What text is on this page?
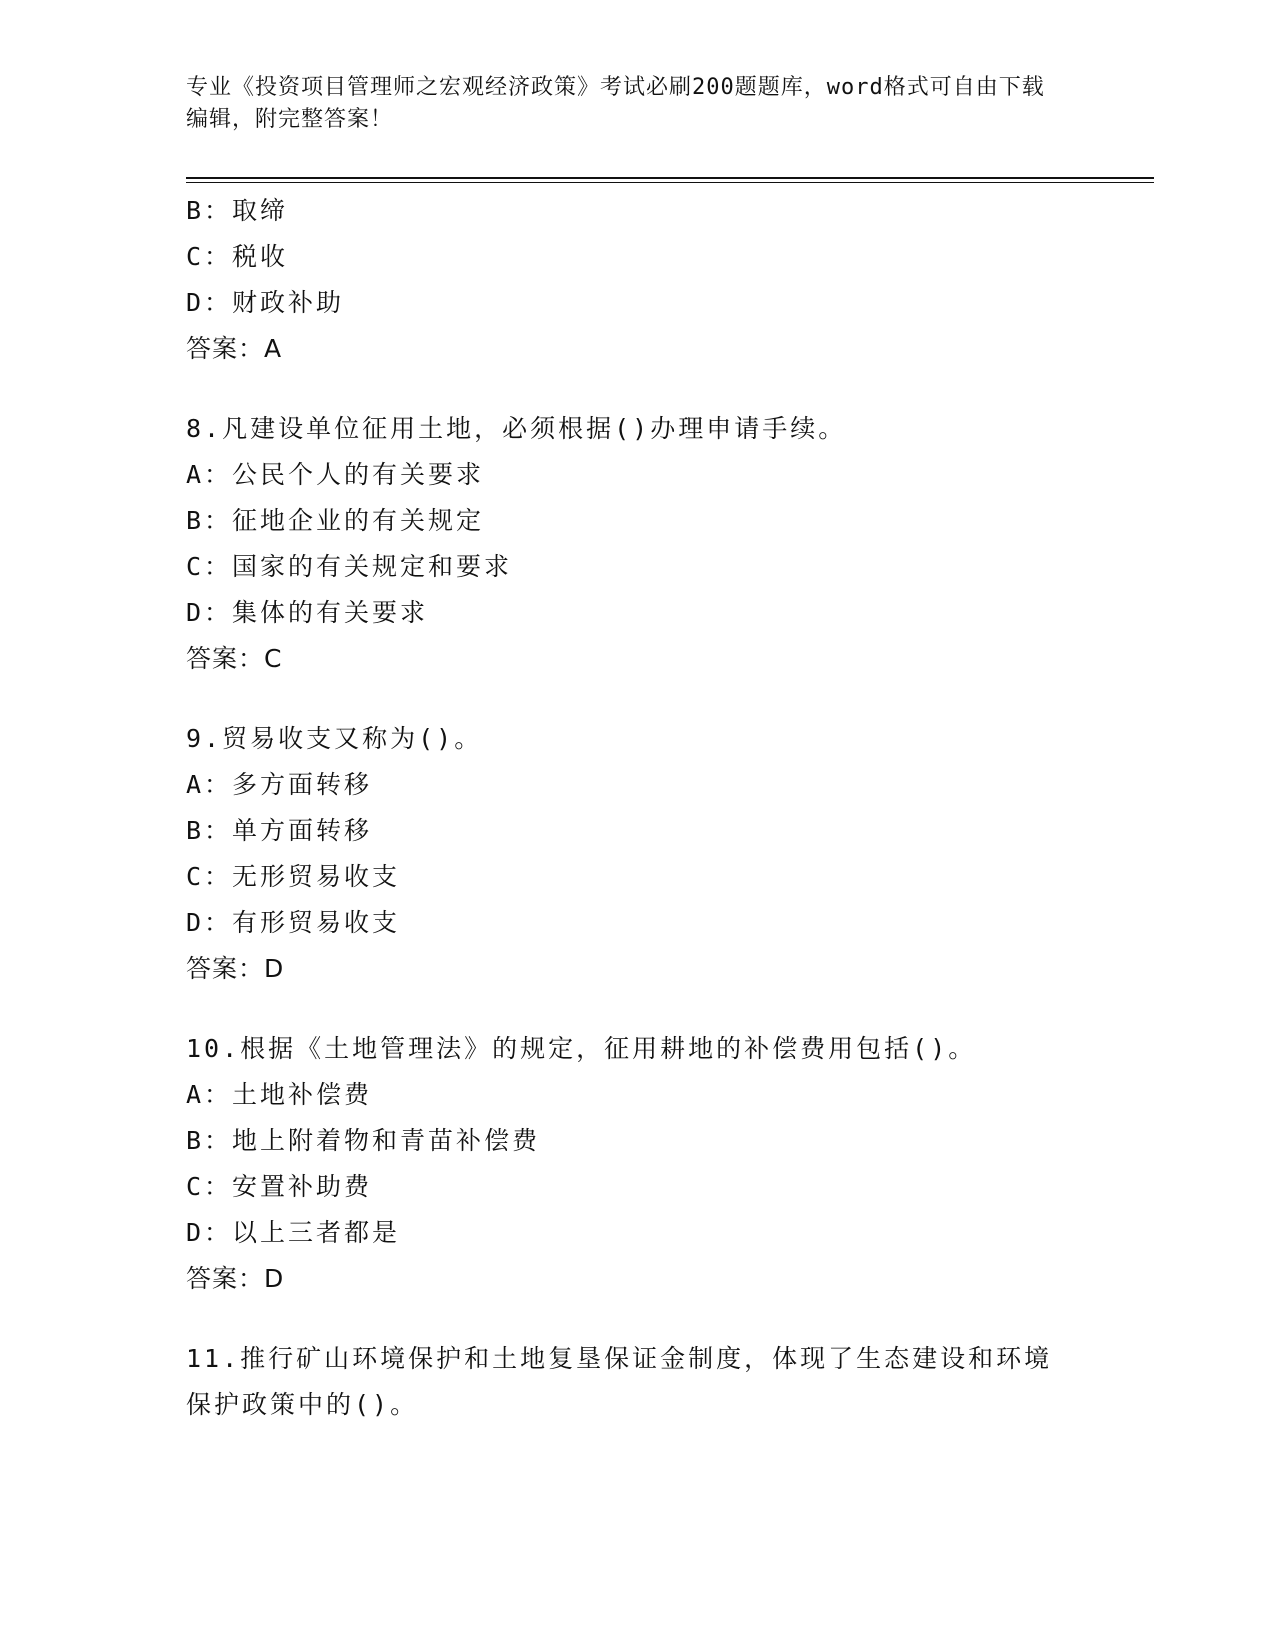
专业《投资项目管理师之宏观经济政策》考试必刷200题题库，word格式可自由下载编辑，附完整答案！
B：取缔
C：税收
D：财政补助
答案：A
8.凡建设单位征用土地，必须根据()办理申请手续。
A：公民个人的有关要求
B：征地企业的有关规定
C：国家的有关规定和要求
D：集体的有关要求
答案：C
9.贸易收支又称为()。
A：多方面转移
B：单方面转移
C：无形贸易收支
D：有形贸易收支
答案：D
10.根据《土地管理法》的规定，征用耕地的补偿费用包括()。
A：土地补偿费
B：地上附着物和青苗补偿费
C：安置补助费
D：以上三者都是
答案：D
11.推行矿山环境保护和土地复垦保证金制度，体现了生态建设和环境保护政策中的()。
